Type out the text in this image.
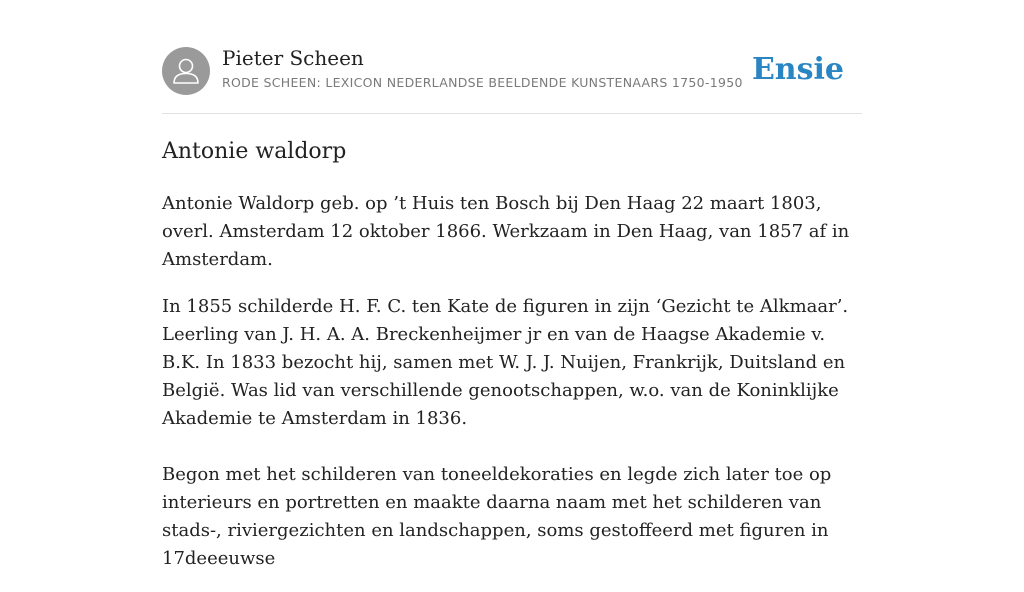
Pieter Scheen
RODE SCHEEN: LEXICON NEDERLANDSE BEELDENDE KUNSTENAARS 1750-1950 Ensie
Antonie waldorp

Antonie Waldorp geb. op ’t Huis ten Bosch bij Den Haag 22 maart 1803, overl. Amsterdam 12 oktober 1866. Werkzaam in Den Haag, van 1857 af in Amsterdam.

In 1855 schilderde H. F. C. ten Kate de figuren in zijn ‘Gezicht te Alkmaar’. Leerling van J. H. A. A. Breckenheijmer jr en van de Haagse Akademie v. B.K. In 1833 bezocht hij, samen met W. J. J. Nuijen, Frankrijk, Duitsland en België. Was lid van verschillende genootschappen, w.o. van de Koninklijke Akademie te Amsterdam in 1836.

Begon met het schilderen van toneeldekoraties en legde zich later toe op interieurs en portretten en maakte daarna naam met het schilderen van stads-, riviergezichten en landschappen, soms gestoffeerd met figuren in 17deeeuwse
